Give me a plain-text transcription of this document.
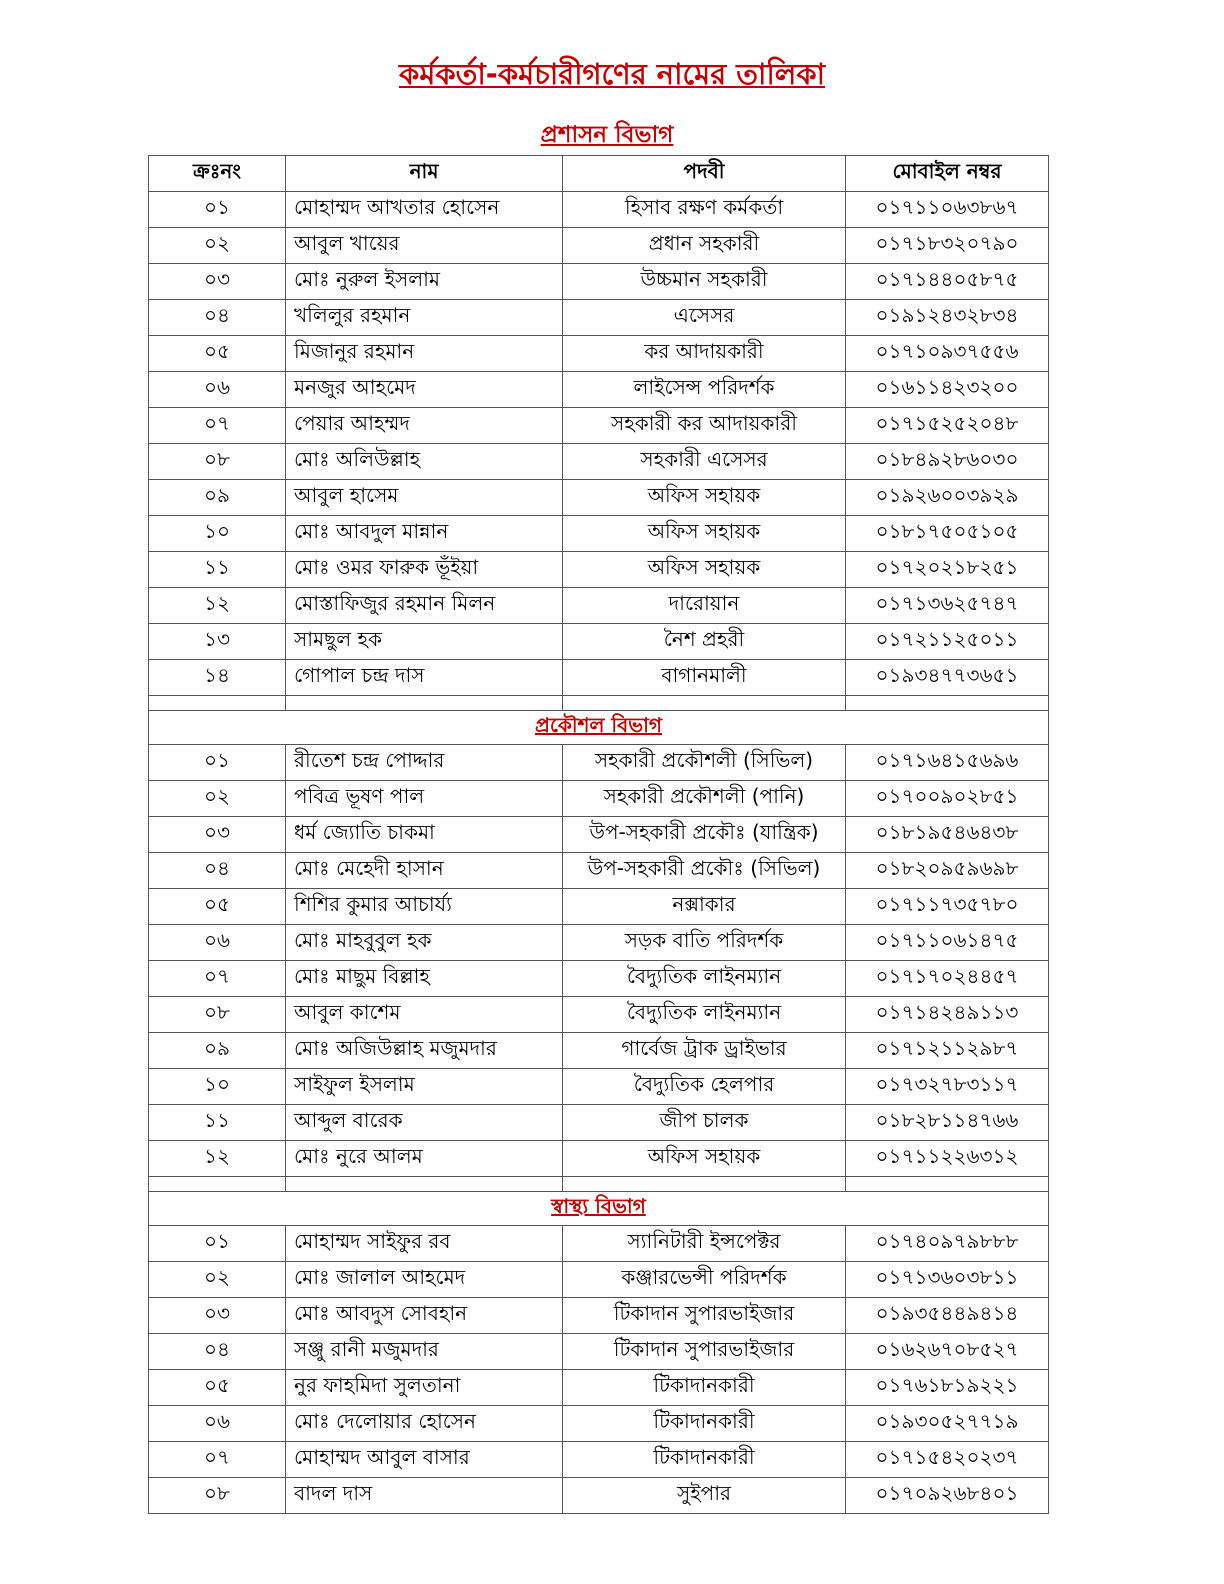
কর্মকর্তা-কর্মচারীগণের নামের তালিকা
প্রশাসন বিভাগ
ক্রঃনং	নাম	পদবী	মোবাইল নম্বর
০১	মোহাম্মদ আখতার হোসেন	হিসাব রক্ষণ কর্মকর্তা	০১৭১১০৬৩৮৬৭
০২	আবুল খায়ের	প্রধান সহকারী	০১৭১৮৩২০৭৯০
০৩	মোঃ নুরুল ইসলাম	উচ্চমান সহকারী	০১৭১৪৪০৫৮৭৫
০৪	খলিলুর রহমান	এসেসর	০১৯১২৪৩২৮৩৪
০৫	মিজানুর রহমান	কর আদায়কারী	০১৭১০৯৩৭৫৫৬
০৬	মনজুর আহমেদ	লাইসেন্স পরিদর্শক	০১৬১১৪২৩২০০
০৭	পেয়ার আহম্মদ	সহকারী কর আদায়কারী	০১৭১৫২৫২০৪৮
০৮	মোঃ অলিউল্লাহ	সহকারী এসেসর	০১৮৪৯২৮৬০৩০
০৯	আবুল হাসেম	অফিস সহায়ক	০১৯২৬০০৩৯২৯
১০	মোঃ আবদুল মান্নান	অফিস সহায়ক	০১৮১৭৫০৫১০৫
১১	মোঃ ওমর ফারুক ভূঁইয়া	অফিস সহায়ক	০১৭২০২১৮২৫১
১২	মোস্তাফিজুর রহমান মিলন	দারোয়ান	০১৭১৩৬২৫৭৪৭
১৩	সামছুল হক	নৈশ প্রহরী	০১৭২১১২৫০১১
১৪	গোপাল চন্দ্র দাস	বাগানমালী	০১৯৩৪৭৭৩৬৫১

প্রকৌশল বিভাগ			
০১	রীতেশ চন্দ্র পোদ্দার	সহকারী প্রকৌশলী (সিভিল)	০১৭১৬৪১৫৬৯৬
০২	পবিত্র ভূষণ পাল	সহকারী প্রকৌশলী (পানি)	০১৭০০৯০২৮৫১
০৩	ধর্ম জ্যোতি চাকমা	উপ-সহকারী প্রকৌঃ (যান্ত্রিক)	০১৮১৯৫৪৬৪৩৮
০৪	মোঃ মেহেদী হাসান	উপ-সহকারী প্রকৌঃ (সিভিল)	০১৮২০৯৫৯৬৯৮
০৫	শিশির কুমার আচার্য্য	নক্সাকার	০১৭১১৭৩৫৭৮০
০৬	মোঃ মাহবুবুল হক	সড়ক বাতি পরিদর্শক	০১৭১১০৬১৪৭৫
০৭	মোঃ মাছুম বিল্লাহ	বৈদ্যুতিক লাইনম্যান	০১৭১৭০২৪৪৫৭
০৮	আবুল কাশেম	বৈদ্যুতিক লাইনম্যান	০১৭১৪২৪৯১১৩
০৯	মোঃ অজিউল্লাহ মজুমদার	গার্বেজ ট্রাক ড্রাইভার	০১৭১২১১২৯৮৭
১০	সাইফুল ইসলাম	বৈদ্যুতিক হেলপার	০১৭৩২৭৮৩১১৭
১১	আব্দুল বারেক	জীপ চালক	০১৮২৮১১৪৭৬৬
১২	মোঃ নুরে আলম	অফিস সহায়ক	০১৭১১২২৬৩১২

স্বাস্থ্য বিভাগ			
০১	মোহাম্মদ সাইফুর রব	স্যানিটারী ইন্সপেক্টর	০১৭৪০৯৭৯৮৮৮
০২	মোঃ জালাল আহমেদ	কঞ্জারভেন্সী পরিদর্শক	০১৭১৩৬০৩৮১১
০৩	মোঃ আবদুস সোবহান	টিকাদান সুপারভাইজার	০১৯৩৫৪৪৯৪১৪
০৪	সঞ্জু রানী মজুমদার	টিকাদান সুপারভাইজার	০১৬২৬৭০৮৫২৭
০৫	নুর ফাহমিদা সুলতানা	টিকাদানকারী	০১৭৬১৮১৯২২১
০৬	মোঃ দেলোয়ার হোসেন	টিকাদানকারী	০১৯৩০৫২৭৭১৯
০৭	মোহাম্মদ আবুল বাসার	টিকাদানকারী	০১৭১৫৪২০২৩৭
০৮	বাদল দাস	সুইপার	০১৭০৯২৬৮৪০১
